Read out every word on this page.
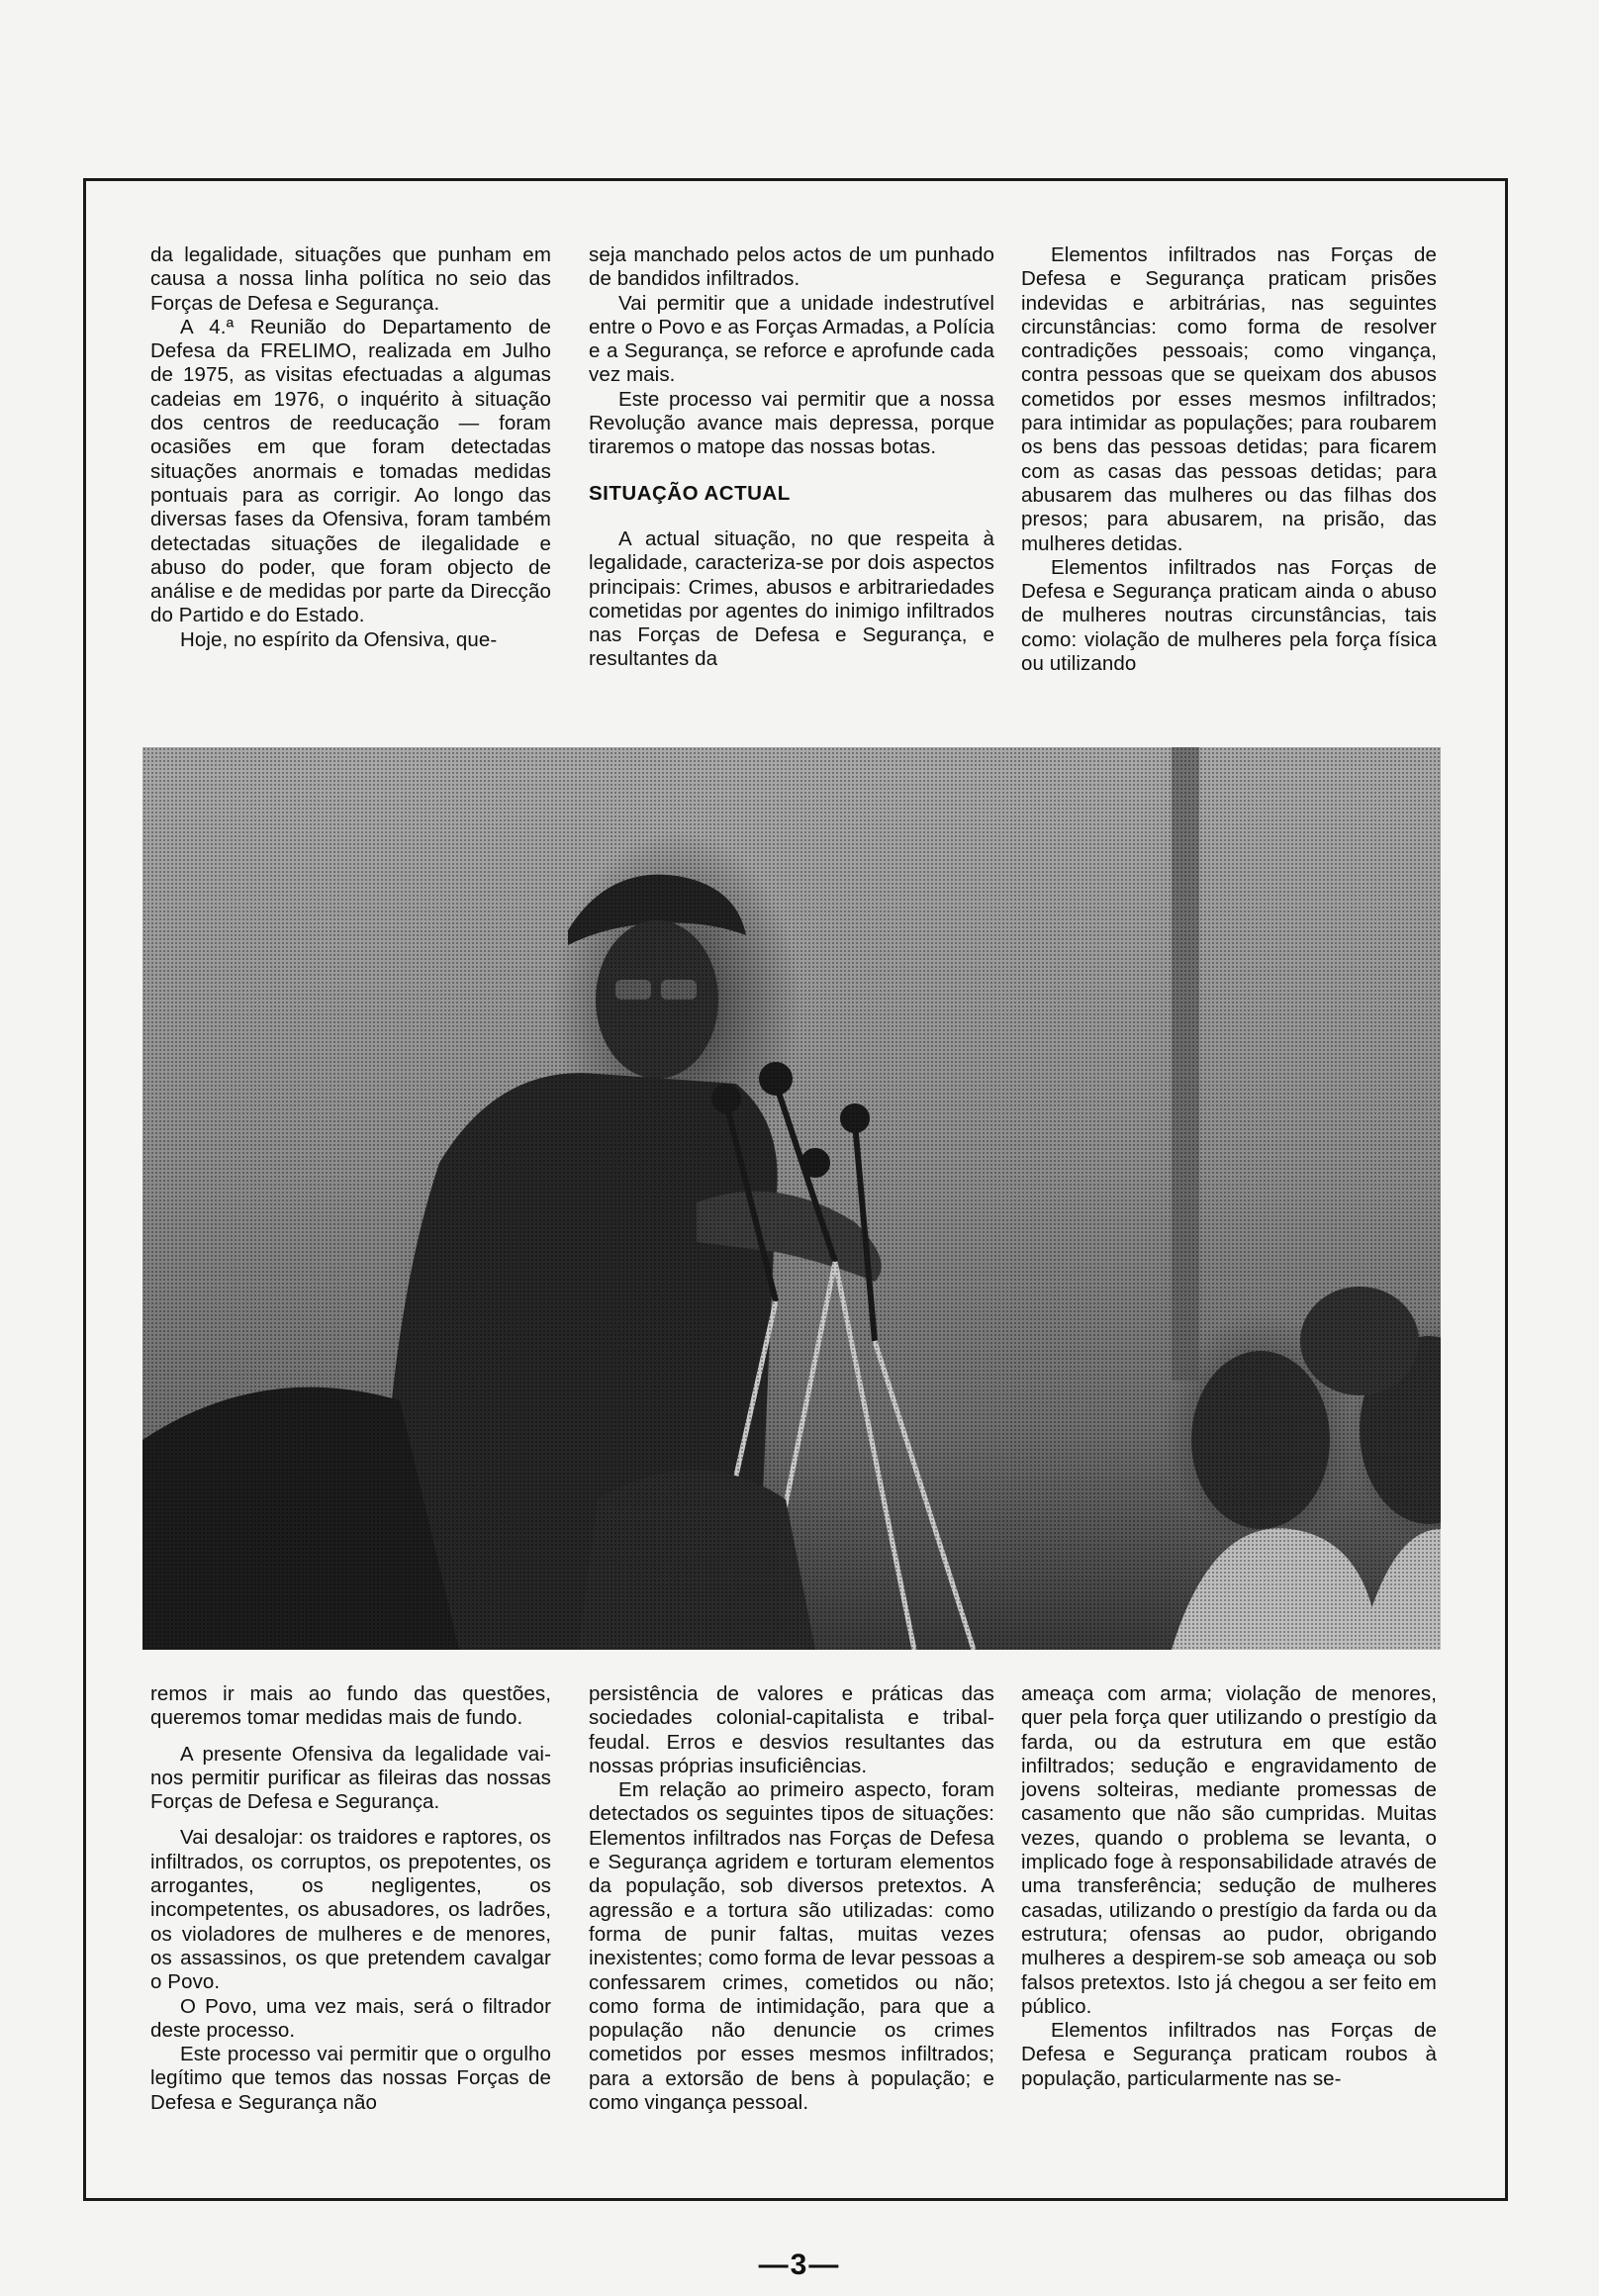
da legalidade, situações que punham em causa a nossa linha política no seio das Forças de Defesa e Segurança.

A 4.ª Reunião do Departamento de Defesa da FRELIMO, realizada em Julho de 1975, as visitas efectuadas a algumas cadeias em 1976, o inquérito à situação dos centros de reeducação — foram ocasiões em que foram detectadas situações anormais e tomadas medidas pontuais para as corrigir. Ao longo das diversas fases da Ofensiva, foram também detectadas situações de ilegalidade e abuso do poder, que foram objecto de análise e de medidas por parte da Direcção do Partido e do Estado.

Hoje, no espírito da Ofensiva, que-

seja manchado pelos actos de um punhado de bandidos infiltrados.

Vai permitir que a unidade indestrutível entre o Povo e as Forças Armadas, a Polícia e a Segurança, se reforce e aprofunde cada vez mais.

Este processo vai permitir que a nossa Revolução avance mais depressa, porque tiraremos o matope das nossas botas.

SITUAÇÃO ACTUAL

A actual situação, no que respeita à legalidade, caracteriza-se por dois aspectos principais: Crimes, abusos e arbitrariedades cometidas por agentes do inimigo infiltrados nas Forças de Defesa e Segurança, e resultantes da

Elementos infiltrados nas Forças de Defesa e Segurança praticam prisões indevidas e arbitrárias, nas seguintes circunstâncias: como forma de resolver contradições pessoais; como vingança, contra pessoas que se queixam dos abusos cometidos por esses mesmos infiltrados; para intimidar as populações; para roubarem os bens das pessoas detidas; para ficarem com as casas das pessoas detidas; para abusarem das mulheres ou das filhas dos presos; para abusarem, na prisão, das mulheres detidas.

Elementos infiltrados nas Forças de Defesa e Segurança praticam ainda o abuso de mulheres noutras circunstâncias, tais como: violação de mulheres pela força física ou utilizando

remos ir mais ao fundo das questões, queremos tomar medidas mais de fundo.

A presente Ofensiva da legalidade vai-nos permitir purificar as fileiras das nossas Forças de Defesa e Segurança.

Vai desalojar: os traidores e raptores, os infiltrados, os corruptos, os prepotentes, os arrogantes, os negligentes, os incompetentes, os abusadores, os ladrões, os violadores de mulheres e de menores, os assassinos, os que pretendem cavalgar o Povo.

O Povo, uma vez mais, será o filtrador deste processo.

Este processo vai permitir que o orgulho legítimo que temos das nossas Forças de Defesa e Segurança não

persistência de valores e práticas das sociedades colonial-capitalista e tribal-feudal. Erros e desvios resultantes das nossas próprias insuficiências.

Em relação ao primeiro aspecto, foram detectados os seguintes tipos de situações: Elementos infiltrados nas Forças de Defesa e Segurança agridem e torturam elementos da população, sob diversos pretextos. A agressão e a tortura são utilizadas: como forma de punir faltas, muitas vezes inexistentes; como forma de levar pessoas a confessarem crimes, cometidos ou não; como forma de intimidação, para que a população não denuncie os crimes cometidos por esses mesmos infiltrados; para a extorsão de bens à população; e como vingança pessoal.

ameaça com arma; violação de menores, quer pela força quer utilizando o prestígio da farda, ou da estrutura em que estão infiltrados; sedução e engravidamento de jovens solteiras, mediante promessas de casamento que não são cumpridas. Muitas vezes, quando o problema se levanta, o implicado foge à responsabilidade através de uma transferência; sedução de mulheres casadas, utilizando o prestígio da farda ou da estrutura; ofensas ao pudor, obrigando mulheres a despirem-se sob ameaça ou sob falsos pretextos. Isto já chegou a ser feito em público.

Elementos infiltrados nas Forças de Defesa e Segurança praticam roubos à população, particularmente nas se-

—3—
